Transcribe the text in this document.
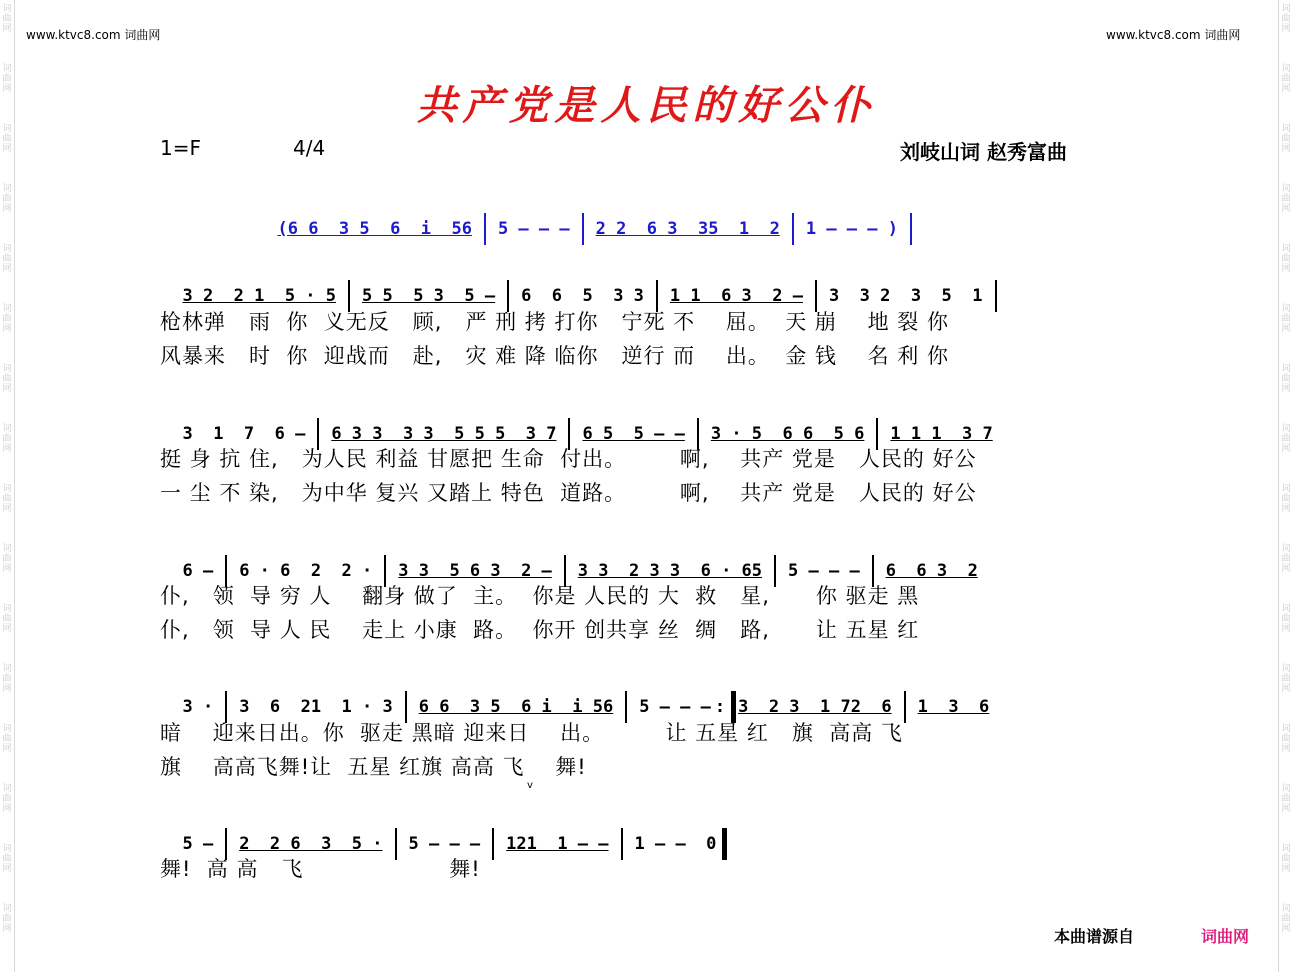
词曲网
词曲网
词曲网
词曲网
词曲网
词曲网
词曲网
词曲网
词曲网
词曲网
词曲网
词曲网
词曲网
词曲网
词曲网
词曲网
词曲网
词曲网
词曲网
词曲网
词曲网
词曲网
词曲网
词曲网
词曲网
词曲网
词曲网
词曲网
词曲网
词曲网
词曲网
词曲网
www.ktvc8.com 词曲网	www.ktvc8.com 词曲网
共产党是人民的好公仆
1=F	4/4	刘岐山词 赵秀富曲

(6 6  3 5  6  i  56 5 — — — 2 2  6 3  35  1  2 1 — — — )

3 2  2 1  5 · 5 5 5  5 3  5 — 6  6  5  3 3 1 1  6 3  2 — 3  3 2  3  5  1

枪林弹   雨  你  义无反   顾,   严 刑 拷 打你   宁死 不    屈。  天 崩    地 裂 你
风暴来   时  你  迎战而   赴,   灾 难 降 临你   逆行 而    出。  金 钱    名 利 你

3  1  7  6 — 6 3 3  3 3  5 5 5  3 7 6 5  5 — — 3 · 5  6 6  5 6 1 1 1  3 7

挺 身 抗 住,   为人民 利益 甘愿把 生命  付出。       啊,    共产 党是   人民的 好公
一 尘 不 染,   为中华 复兴 又踏上 特色  道路。       啊,    共产 党是   人民的 好公

6 — 6 · 6  2  2 · 3 3  5 6 3  2 — 3 3  2 3 3  6 · 65 5 — — — 6  6 3  2

仆,   领  导 穷 人    翻身 做了  主。  你是 人民的 大  救   星,      你 驱走 黑
仆,   领  导 人 民    走上 小康  路。  你开 创共享 丝  绸   路,      让 五星 红

3 · 3  6  21  1 · 3 6 6  3 5  6 i  i 56 5 — — — : 3  2 3  1 72  6 1  3  6

暗    迎来日出。你  驱走 黑暗 迎来日    出。        让 五星 红   旗  高高 飞
旗    高高飞舞!让  五星 红旗 高高 飞    舞!
v

5 — 2  2 6  3  5 · 5 — — — 121  1 — — 1 — —  0

舞!  高 高   飞                   舞!
本曲谱源自	词曲网
